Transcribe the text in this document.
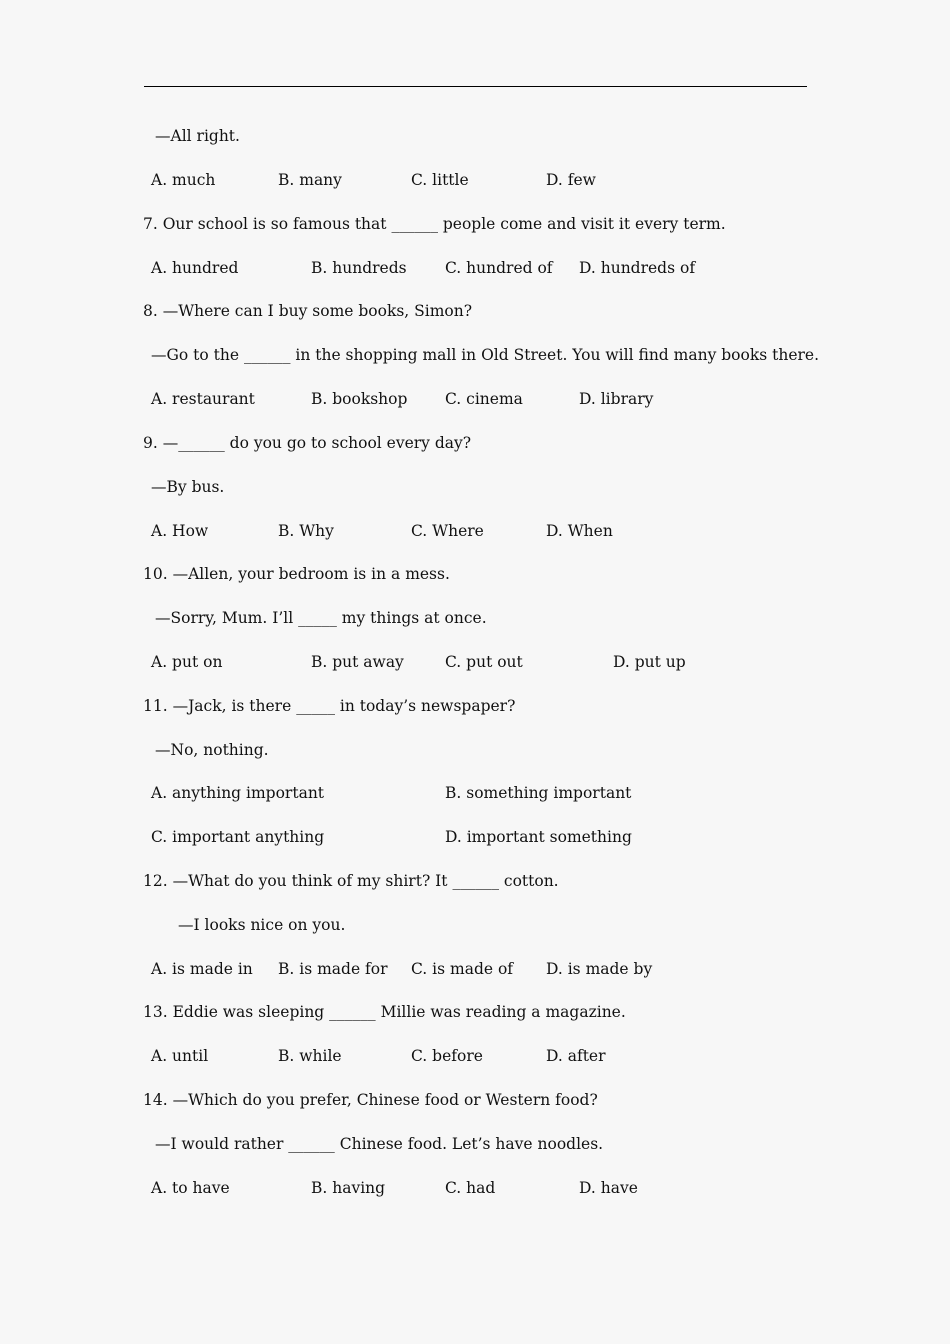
—All right.
A. much	B. many	C. little	D. few
7. Our school is so famous that ______ people come and visit it every term.
A. hundred	B. hundreds C. hundred of D. hundreds of
8. —Where can I buy some books, Simon?
—Go to the ______ in the shopping mall in Old Street. You will find many books there.
A. restaurant	B. bookshop C. cinema	D. library
9. —______ do you go to school every day?
—By bus.
A. How	B. Why	C. Where	D. When
10. —Allen, your bedroom is in a mess.
—Sorry, Mum. I’ll _____ my things at once.
A. put on	B. put away	C. put out	D. put up
11. —Jack, is there _____ in today’s newspaper?
—No, nothing.
A. anything important	B. something important
C. important anything	D. important something
12. —What do you think of my shirt? It ______ cotton.
—I looks nice on you.
A. is made in B. is made for C. is made of D. is made by
13. Eddie was sleeping ______ Millie was reading a magazine.
A. until	B. while	C. before	D. after
14. —Which do you prefer, Chinese food or Western food?
—I would rather ______ Chinese food. Let’s have noodles.
A. to have	B. having	C. had	D. have
